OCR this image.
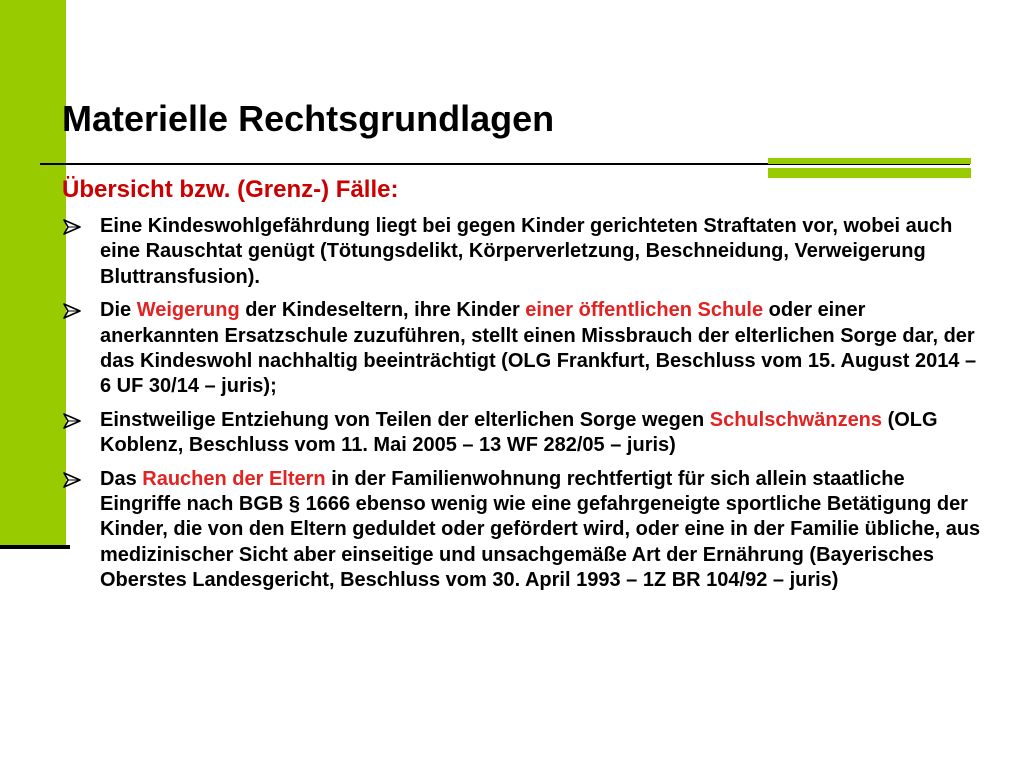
Materielle Rechtsgrundlagen
Übersicht bzw. (Grenz-) Fälle:
Eine Kindeswohlgefährdung liegt bei gegen Kinder gerichteten Straftaten vor, wobei auch eine Rauschtat genügt (Tötungsdelikt, Körperverletzung, Beschneidung, Verweigerung Bluttransfusion).
Die Weigerung der Kindeseltern, ihre Kinder einer öffentlichen Schule oder einer anerkannten Ersatzschule zuzuführen, stellt einen Missbrauch der elterlichen Sorge dar, der das Kindeswohl nachhaltig beeinträchtigt (OLG Frankfurt, Beschluss vom 15. August 2014 – 6 UF 30/14 – juris);
Einstweilige Entziehung von Teilen der elterlichen Sorge wegen Schulschwänzens (OLG Koblenz, Beschluss vom 11. Mai 2005 – 13 WF 282/05 – juris)
Das Rauchen der Eltern in der Familienwohnung rechtfertigt für sich allein staatliche Eingriffe nach BGB § 1666 ebenso wenig wie eine gefahrgeneigte sportliche Betätigung der Kinder, die von den Eltern geduldet oder gefördert wird, oder eine in der Familie übliche, aus medizinischer Sicht aber einseitige und unsachgemäße Art der Ernährung (Bayerisches Oberstes Landesgericht, Beschluss vom 30. April 1993 – 1Z BR 104/92 – juris)
